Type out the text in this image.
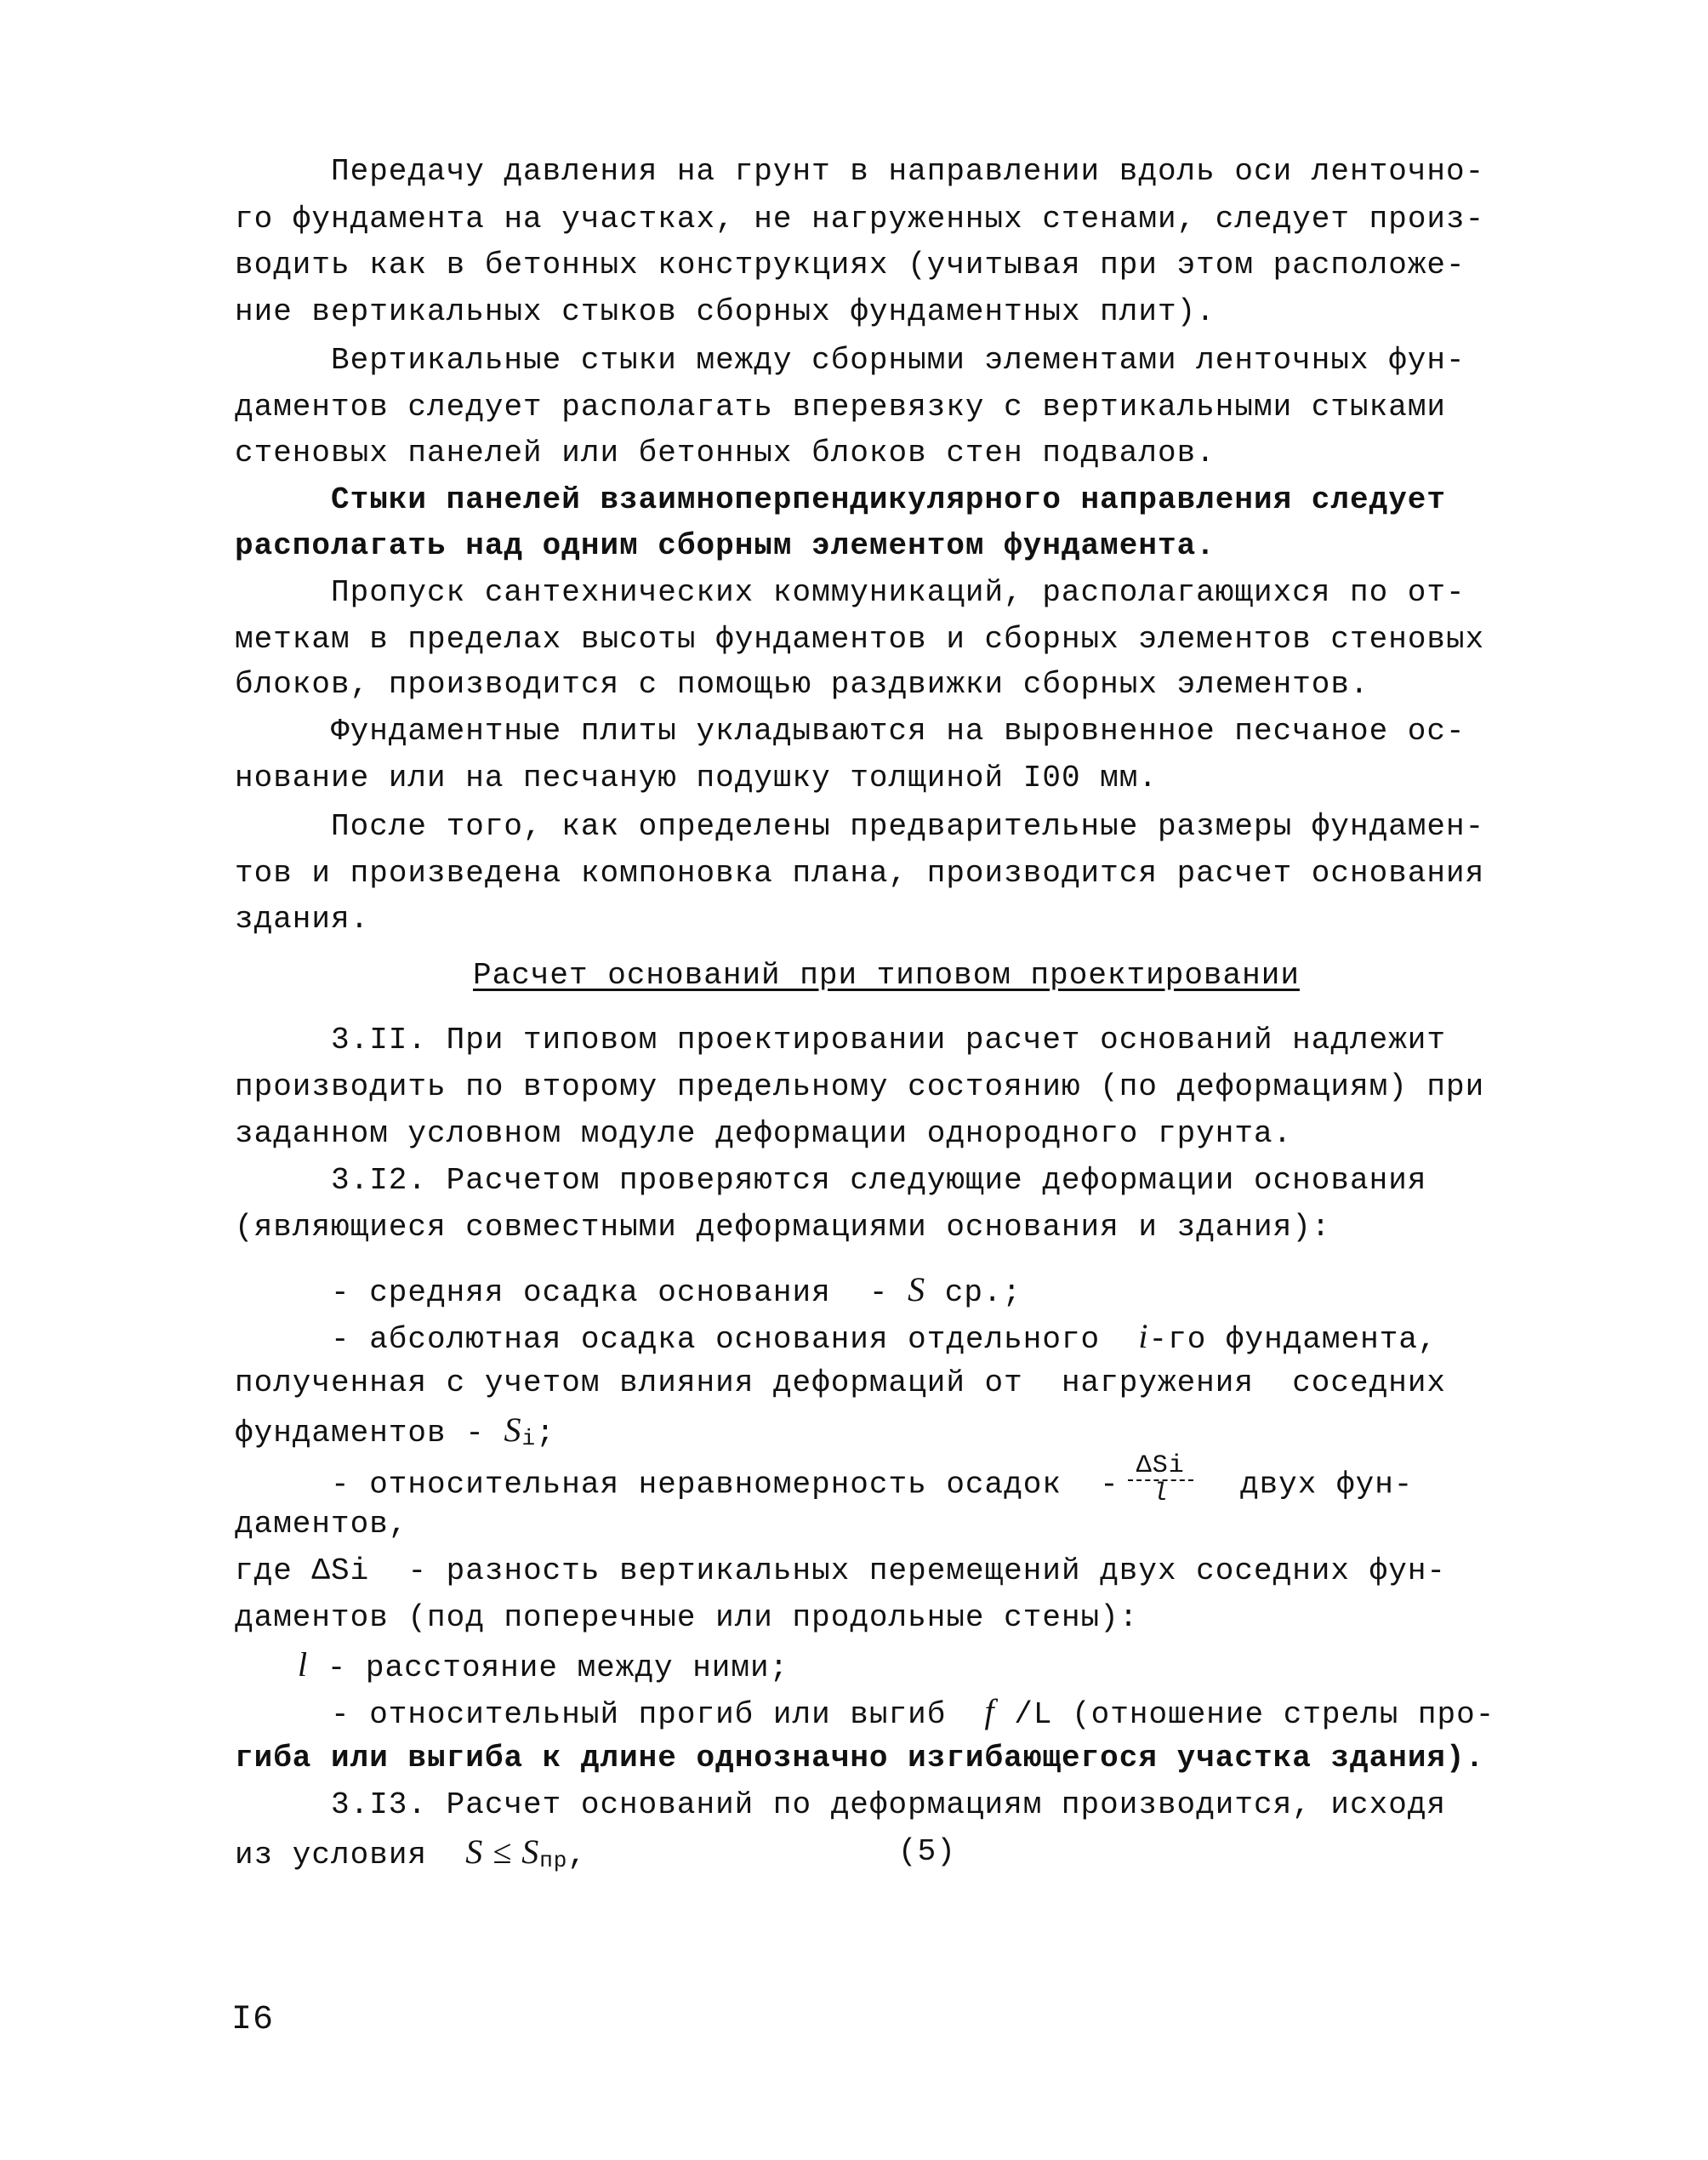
Передачу давления на грунт в направлении вдоль оси ленточно-
го фундамента на участках, не нагруженных стенами, следует произ-
водить как в бетонных конструкциях (учитывая при этом расположе-
ние вертикальных стыков сборных фундаментных плит).
Вертикальные стыки между сборными элементами ленточных фун-
даментов следует располагать вперевязку с вертикальными стыками
стеновых панелей или бетонных блоков стен подвалов.
Стыки панелей взаимноперпендикулярного направления следует
располагать над одним сборным элементом фундамента.
Пропуск сантехнических коммуникаций, располагающихся по от-
меткам в пределах высоты фундаментов и сборных элементов стеновых
блоков, производится с помощью раздвижки сборных элементов.
Фундаментные плиты укладываются на выровненное песчаное ос-
нование или на песчаную подушку толщиной I00 мм.
После того, как определены предварительные размеры фундамен-
тов и произведена компоновка плана, производится расчет основания
здания.
Расчет оснований при типовом проектировании
3.II. При типовом проектировании расчет оснований надлежит
производить по второму предельному состоянию (по деформациям) при
заданном условном модуле деформации однородного грунта.
3.I2. Расчетом проверяются следующие деформации основания
(являющиеся совместными деформациями основания и здания):
- средняя осадка основания  - S ср.;
- абсолютная осадка основания отдельного  i-го фундамента,
полученная с учетом влияния деформаций от  нагружения  соседних
фундаментов - Si;
- относительная неравномерность осадок  - $\frac{\text{ΔSi}}{l}$ двух фун-
даментов,
где ΔSi  - разность вертикальных перемещений двух соседних фун-
даментов (под поперечные или продольные стены):
l - расстояние между ними;
- относительный прогиб или выгиб  f /L (отношение стрелы про-
гиба или выгиба к длине однозначно изгибающегося участка здания).
3.I3. Расчет оснований по деформациям производится, исходя
из условия  S ≤ Sпр,	(5)
I6
